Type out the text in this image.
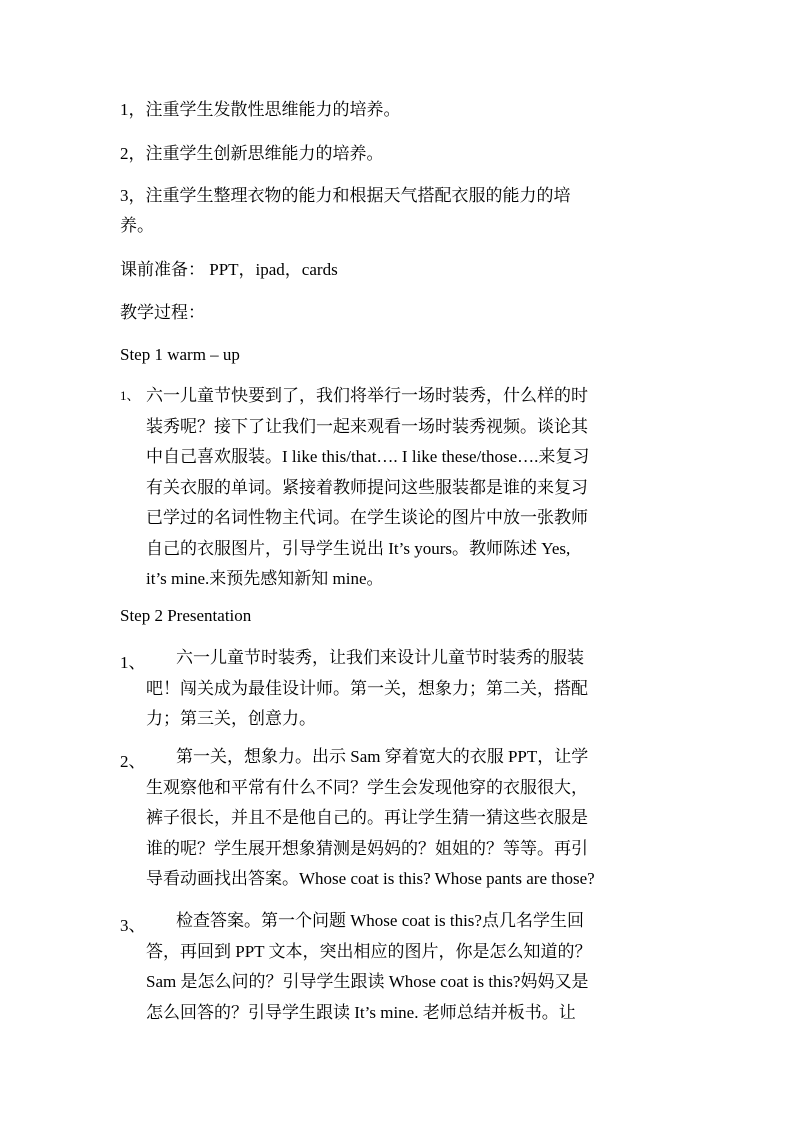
1，注重学生发散性思维能力的培养。
2，注重学生创新思维能力的培养。
3，注重学生整理衣物的能力和根据天气搭配衣服的能力的培
养。
课前准备： PPT，ipad，cards
教学过程：
Step 1 warm – up
1、 六一儿童节快要到了，我们将举行一场时装秀，什么样的时
装秀呢？接下了让我们一起来观看一场时装秀视频。谈论其
中自己喜欢服装。I like this/that…. I like these/those….来复习
有关衣服的单词。紧接着教师提问这些服装都是谁的来复习
已学过的名词性物主代词。在学生谈论的图片中放一张教师
自己的衣服图片，引导学生说出 It’s yours。教师陈述 Yes,
it’s mine.来预先感知新知 mine。
Step 2 Presentation
1、	六一儿童节时装秀，让我们来设计儿童节时装秀的服装
吧！闯关成为最佳设计师。第一关，想象力；第二关，搭配
力；第三关，创意力。
2、	第一关，想象力。出示 Sam 穿着宽大的衣服 PPT，让学
生观察他和平常有什么不同？学生会发现他穿的衣服很大，
裤子很长，并且不是他自己的。再让学生猜一猜这些衣服是
谁的呢？学生展开想象猜测是妈妈的？姐姐的？等等。再引
导看动画找出答案。Whose coat is this? Whose pants are those?
3、	检查答案。第一个问题 Whose coat is this?点几名学生回
答，再回到 PPT 文本，突出相应的图片，你是怎么知道的？
Sam 是怎么问的？引导学生跟读 Whose coat is this?妈妈又是
怎么回答的？引导学生跟读 It’s mine. 老师总结并板书。让
